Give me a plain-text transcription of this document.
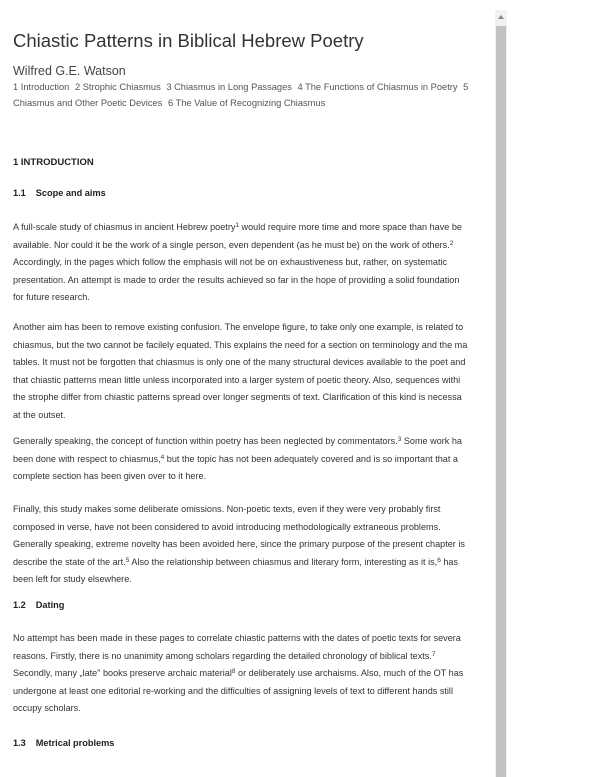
Chiastic Patterns in Biblical Hebrew Poetry
Wilfred G.E. Watson
1 Introduction 2 Strophic Chiasmus 3 Chiasmus in Long Passages 4 The Functions of Chiasmus in Poetry 5 Chiasmus and Other Poetic Devices 6 The Value of Recognizing Chiasmus
1 INTRODUCTION
1.1 Scope and aims
A full-scale study of chiasmus in ancient Hebrew poetry$^1$ would require more time and more space than have be
available. Nor could it be the work of a single person, even dependent (as he must be) on the work of others.$^2$
Accordingly, in the pages which follow the emphasis will not be on exhaustiveness but, rather, on systematic
presentation. An attempt is made to order the results achieved so far in the hope of providing a solid foundation
for future research.
Another aim has been to remove existing confusion. The envelope figure, to take only one example, is related to
chiasmus, but the two cannot be facilely equated. This explains the need for a section on terminology and the ma
tables. It must not be forgotten that chiasmus is only one of the many structural devices available to the poet and
that chiastic patterns mean little unless incorporated into a larger system of poetic theory. Also, sequences withi
the strophe differ from chiastic patterns spread over longer segments of text. Clarification of this kind is necessa
at the outset.
Generally speaking, the concept of function within poetry has been neglected by commentators.$^3$ Some work ha
been done with respect to chiasmus,$^4$ but the topic has not been adequately covered and is so important that a
complete section has been given over to it here.
Finally, this study makes some deliberate omissions. Non-poetic texts, even if they were very probably first
composed in verse, have not been considered to avoid introducing methodologically extraneous problems.
Generally speaking, extreme novelty has been avoided here, since the primary purpose of the present chapter is
describe the state of the art.$^5$ Also the relationship between chiasmus and literary form, interesting as it is,$^6$ has
been left for study elsewhere.
1.2 Dating
No attempt has been made in these pages to correlate chiastic patterns with the dates of poetic texts for severa
reasons. Firstly, there is no unanimity among scholars regarding the detailed chronology of biblical texts.$^7$
Secondly, many „late" books preserve archaic material$^8$ or deliberately use archaisms. Also, much of the OT has
undergone at least one editorial re-working and the difficulties of assigning levels of text to different hands still
occupy scholars.
1.3 Metrical problems
